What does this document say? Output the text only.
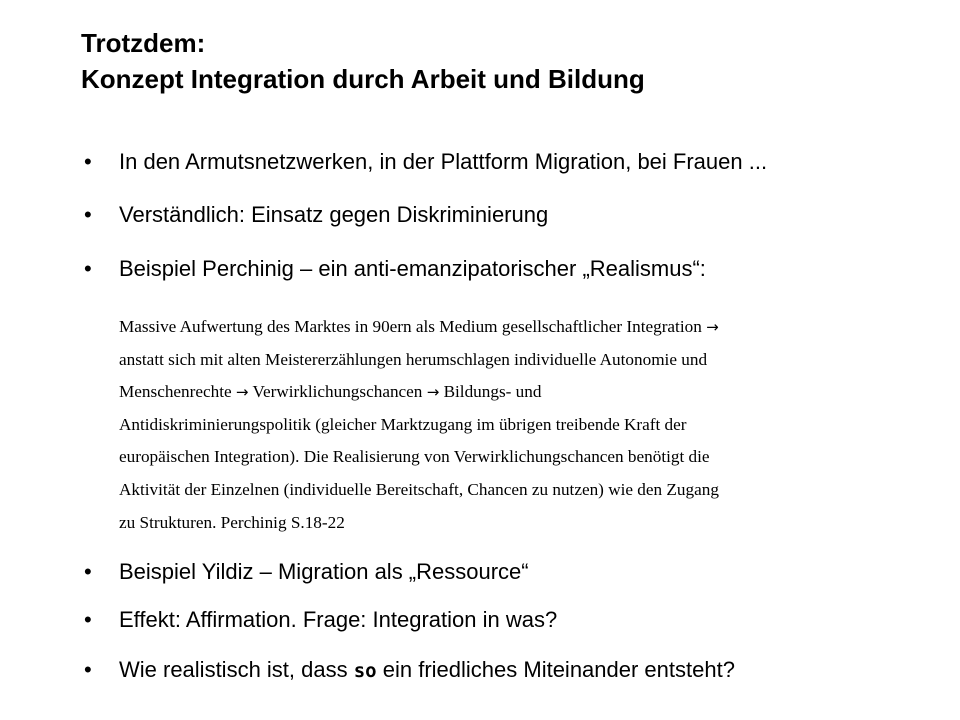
Trotzdem:
Konzept Integration durch Arbeit und Bildung
• In den Armutsnetzwerken, in der Plattform Migration, bei Frauen ...
• Verständlich: Einsatz gegen Diskriminierung
• Beispiel Perchinig – ein anti-emanzipatorischer „Realismus“:
• Beispiel Yildiz – Migration als „Ressource“
• Effekt: Affirmation. Frage: Integration in was?
• Wie realistisch ist, dass so ein friedliches Miteinander entsteht?
Massive Aufwertung des Marktes in 90ern als Medium gesellschaftlicher Integration →
anstatt sich mit alten Meistererzählungen herumschlagen individuelle Autonomie und
Menschenrechte → Verwirklichungschancen → Bildungs- und
Antidiskriminierungspolitik (gleicher Marktzugang im übrigen treibende Kraft der
europäischen Integration). Die Realisierung von Verwirklichungschancen benötigt die
Aktivität der Einzelnen (individuelle Bereitschaft, Chancen zu nutzen) wie den Zugang
zu Strukturen. Perchinig S.18-22
